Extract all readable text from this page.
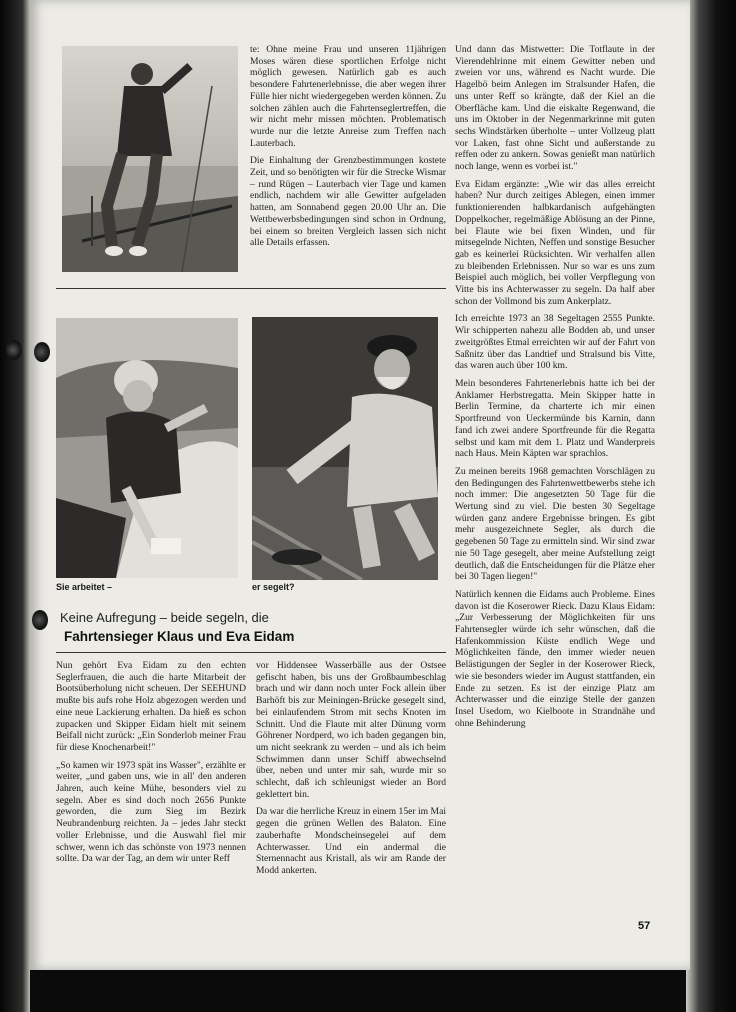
te: Ohne meine Frau und unseren 11jährigen Moses wären diese sportlichen Erfolge nicht möglich gewesen. Natürlich gab es auch besondere Fahrtenerlebnisse, die aber wegen ihrer Fülle hier nicht wiedergegeben werden können. Zu solchen zählen auch die Fahrtenseglertreffen, die wir nicht mehr missen möchten. Problematisch wurde nur die letzte Anreise zum Treffen nach Lauterbach.

Die Einhaltung der Grenzbestimmungen kostete Zeit, und so benötigten wir für die Strecke Wismar – rund Rügen – Lauterbach vier Tage und kamen endlich, nachdem wir alle Gewitter aufgeladen hatten, am Sonnabend gegen 20.00 Uhr an. Die Wettbewerbsbedingungen sind schon in Ordnung, bei einem so breiten Vergleich lassen sich nicht alle Details erfassen.

Und dann das Mistwetter: Die Totflaute in der Vierendehlrinne mit einem Gewitter neben und zweien vor uns, während es Nacht wurde. Die Hagelbö beim Anlegen im Stralsunder Hafen, die uns unter Reff so krängte, daß der Kiel an die Oberfläche kam. Und die eiskalte Regenwand, die uns im Oktober in der Negenmarkrinne mit guten sechs Windstärken überholte – unter Vollzeug platt vor Laken, fast ohne Sicht und außerstande zu reffen oder zu ankern. Sowas genießt man natürlich noch lange, wenn es vorbei ist."

Eva Eidam ergänzte: „Wie wir das alles erreicht haben? Nur durch zeitiges Ablegen, einen immer funktionierenden halbkardanisch aufgehängten Doppelkocher, regelmäßige Ablösung an der Pinne, bei Flaute wie bei fixen Winden, und für mitsegelnde Nichten, Neffen und sonstige Besucher gab es keinerlei Rücksichten. Wir verhalfen allen zu bleibenden Erlebnissen. Nur so war es uns zum Beispiel auch möglich, bei voller Verpflegung von Vitte bis ins Achterwasser zu segeln. Da half aber schon der Vollmond bis zum Ankerplatz.

Ich erreichte 1973 an 38 Segeltagen 2555 Punkte. Wir schipperten nahezu alle Bodden ab, und unser zweitgrößtes Etmal erreichten wir auf der Fahrt von Saßnitz über das Landtief und Stralsund bis Vitte, das waren auch über 100 km.

Mein besonderes Fahrtenerlebnis hatte ich bei der Anklamer Herbstregatta. Mein Skipper hatte in Berlin Termine, da charterte ich mir einen Sportfreund von Ueckermünde bis Karnin, dann fand ich zwei andere Sportfreunde für die Regatta selbst und kam mit dem 1. Platz und Wanderpreis nach Haus. Mein Käpten war sprachlos.

Zu meinen bereits 1968 gemachten Vorschlägen zu den Bedingungen des Fahrtenwettbewerbs stehe ich noch immer: Die angesetzten 50 Tage für die Wertung sind zu viel. Die besten 30 Segeltage würden ganz andere Ergebnisse bringen. Es gibt mehr ausgezeichnete Segler, als durch die gegebenen 50 Tage zu ermitteln sind. Wir sind zwar nie 50 Tage gesegelt, aber meine Aufstellung zeigt deutlich, daß die Entscheidungen für die Plätze eher bei 30 Tagen liegen!"

Natürlich kennen die Eidams auch Probleme. Eines davon ist die Koserower Rieck. Dazu Klaus Eidam: „Zur Verbesserung der Möglichkeiten für uns Fahrtensegler würde ich sehr wünschen, daß die Hafenkommission Küste endlich Wege und Möglichkeiten fände, den immer wieder neuen Belästigungen der Segler in der Koserower Rieck, wie sie besonders wieder im August stattfanden, ein Ende zu setzen. Es ist der einzige Platz am Achterwasser und die einzige Stelle der ganzen Insel Usedom, wo Kielboote in Strandnähe und ohne Behinderung

Sie arbeitet –	er segelt?
Keine Aufregung – beide segeln, die
Fahrtensieger Klaus und Eva Eidam

Nun gehört Eva Eidam zu den echten Seglerfrauen, die auch die harte Mitarbeit der Bootsüberholung nicht scheuen. Der SEEHUND mußte bis aufs rohe Holz abgezogen werden und eine neue Lackierung erhalten. Da hieß es schon zupacken und Skipper Eidam hielt mit seinem Beifall nicht zurück: „Ein Sonderlob meiner Frau für diese Knochenarbeit!"

„So kamen wir 1973 spät ins Wasser", erzählte er weiter, „und gaben uns, wie in all' den anderen Jahren, auch keine Mühe, besonders viel zu segeln. Aber es sind doch noch 2656 Punkte geworden, die zum Sieg im Bezirk Neubrandenburg reichten. Ja – jedes Jahr steckt voller Erlebnisse, und die Auswahl fiel mir schwer, wenn ich das schönste von 1973 nennen sollte. Da war der Tag, an dem wir unter Reff

vor Hiddensee Wasserbälle aus der Ostsee gefischt haben, bis uns der Großbaumbeschlag brach und wir dann noch unter Fock allein über Barhöft bis zur Meiningen-Brücke gesegelt sind, bei einlaufendem Strom mit sechs Knoten im Schnitt. Und die Flaute mit alter Dünung vorm Göhrener Nordperd, wo ich baden gegangen bin, um nicht seekrank zu werden – und als ich beim Schwimmen dann unser Schiff abwechselnd über, neben und unter mir sah, wurde mir so schlecht, daß ich schleunigst wieder an Bord geklettert bin.

Da war die herrliche Kreuz in einem 15er im Mai gegen die grünen Wellen des Balaton. Eine zauberhafte Mondscheinsegelei auf dem Achterwasser. Und ein andermal die Sternennacht aus Kristall, als wir am Rande der Modd ankerten.

57
